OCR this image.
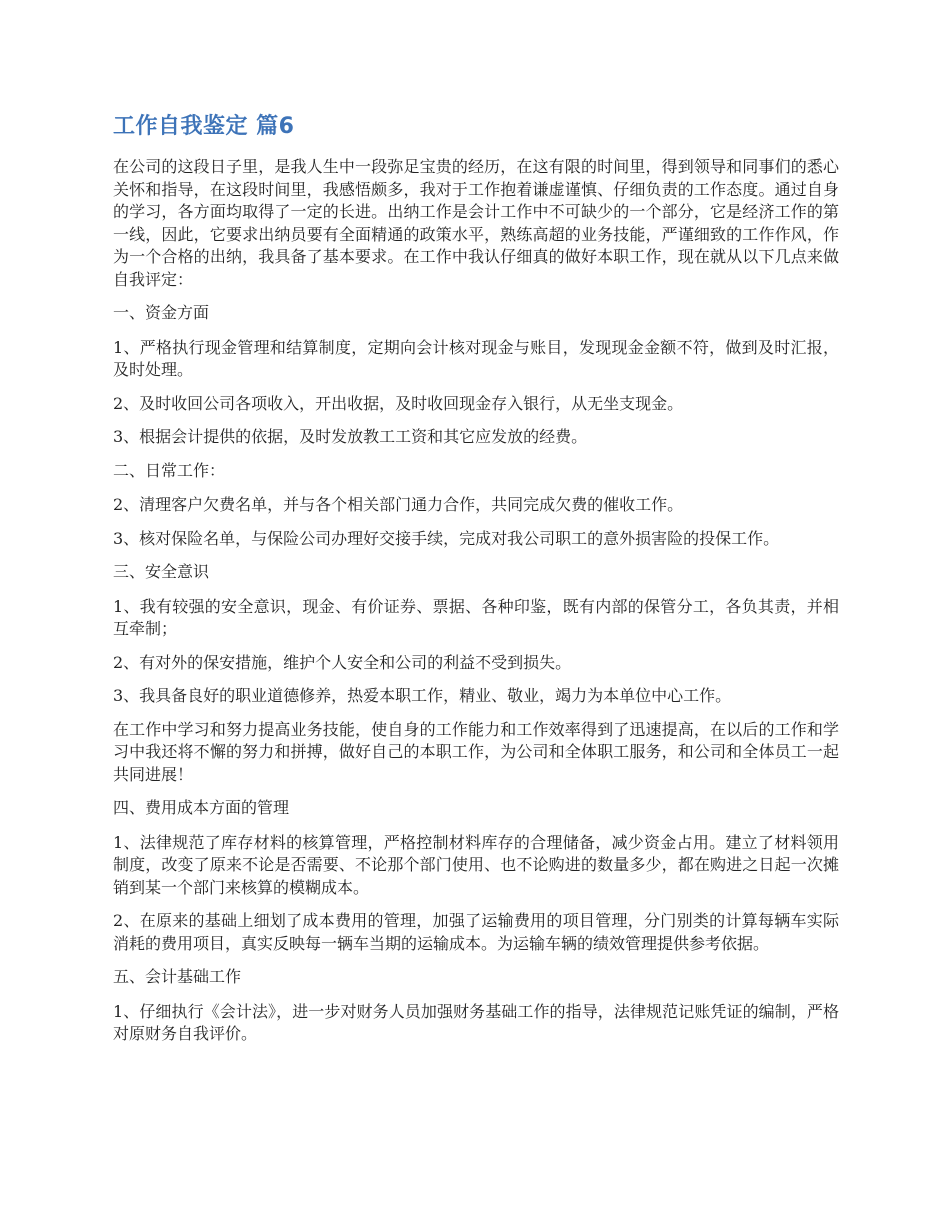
工作自我鉴定 篇6

在公司的这段日子里，是我人生中一段弥足宝贵的经历，在这有限的时间里，得到领导和同事们的悉心关怀和指导，在这段时间里，我感悟颇多，我对于工作抱着谦虚谨慎、仔细负责的工作态度。通过自身的学习，各方面均取得了一定的长进。出纳工作是会计工作中不可缺少的一个部分，它是经济工作的第一线，因此，它要求出纳员要有全面精通的政策水平，熟练高超的业务技能，严谨细致的工作作风，作为一个合格的出纳，我具备了基本要求。在工作中我认仔细真的做好本职工作，现在就从以下几点来做自我评定：

一、资金方面

1、严格执行现金管理和结算制度，定期向会计核对现金与账目，发现现金金额不符，做到及时汇报，及时处理。

2、及时收回公司各项收入，开出收据，及时收回现金存入银行，从无坐支现金。

3、根据会计提供的依据，及时发放教工工资和其它应发放的经费。

二、日常工作：

2、清理客户欠费名单，并与各个相关部门通力合作，共同完成欠费的催收工作。

3、核对保险名单，与保险公司办理好交接手续，完成对我公司职工的意外损害险的投保工作。

三、安全意识

1、我有较强的安全意识，现金、有价证券、票据、各种印鉴，既有内部的保管分工，各负其责，并相互牵制；

2、有对外的保安措施，维护个人安全和公司的利益不受到损失。

3、我具备良好的职业道德修养，热爱本职工作，精业、敬业，竭力为本单位中心工作。

在工作中学习和努力提高业务技能，使自身的工作能力和工作效率得到了迅速提高，在以后的工作和学习中我还将不懈的努力和拼搏，做好自己的本职工作，为公司和全体职工服务，和公司和全体员工一起共同进展！

四、费用成本方面的管理

1、法律规范了库存材料的核算管理，严格控制材料库存的合理储备，减少资金占用。建立了材料领用制度，改变了原来不论是否需要、不论那个部门使用、也不论购进的数量多少，都在购进之日起一次摊销到某一个部门来核算的模糊成本。

2、在原来的基础上细划了成本费用的管理，加强了运输费用的项目管理，分门别类的计算每辆车实际消耗的费用项目，真实反映每一辆车当期的运输成本。为运输车辆的绩效管理提供参考依据。

五、会计基础工作

1、仔细执行《会计法》，进一步对财务人员加强财务基础工作的指导，法律规范记账凭证的编制，严格对原财务自我评价。
